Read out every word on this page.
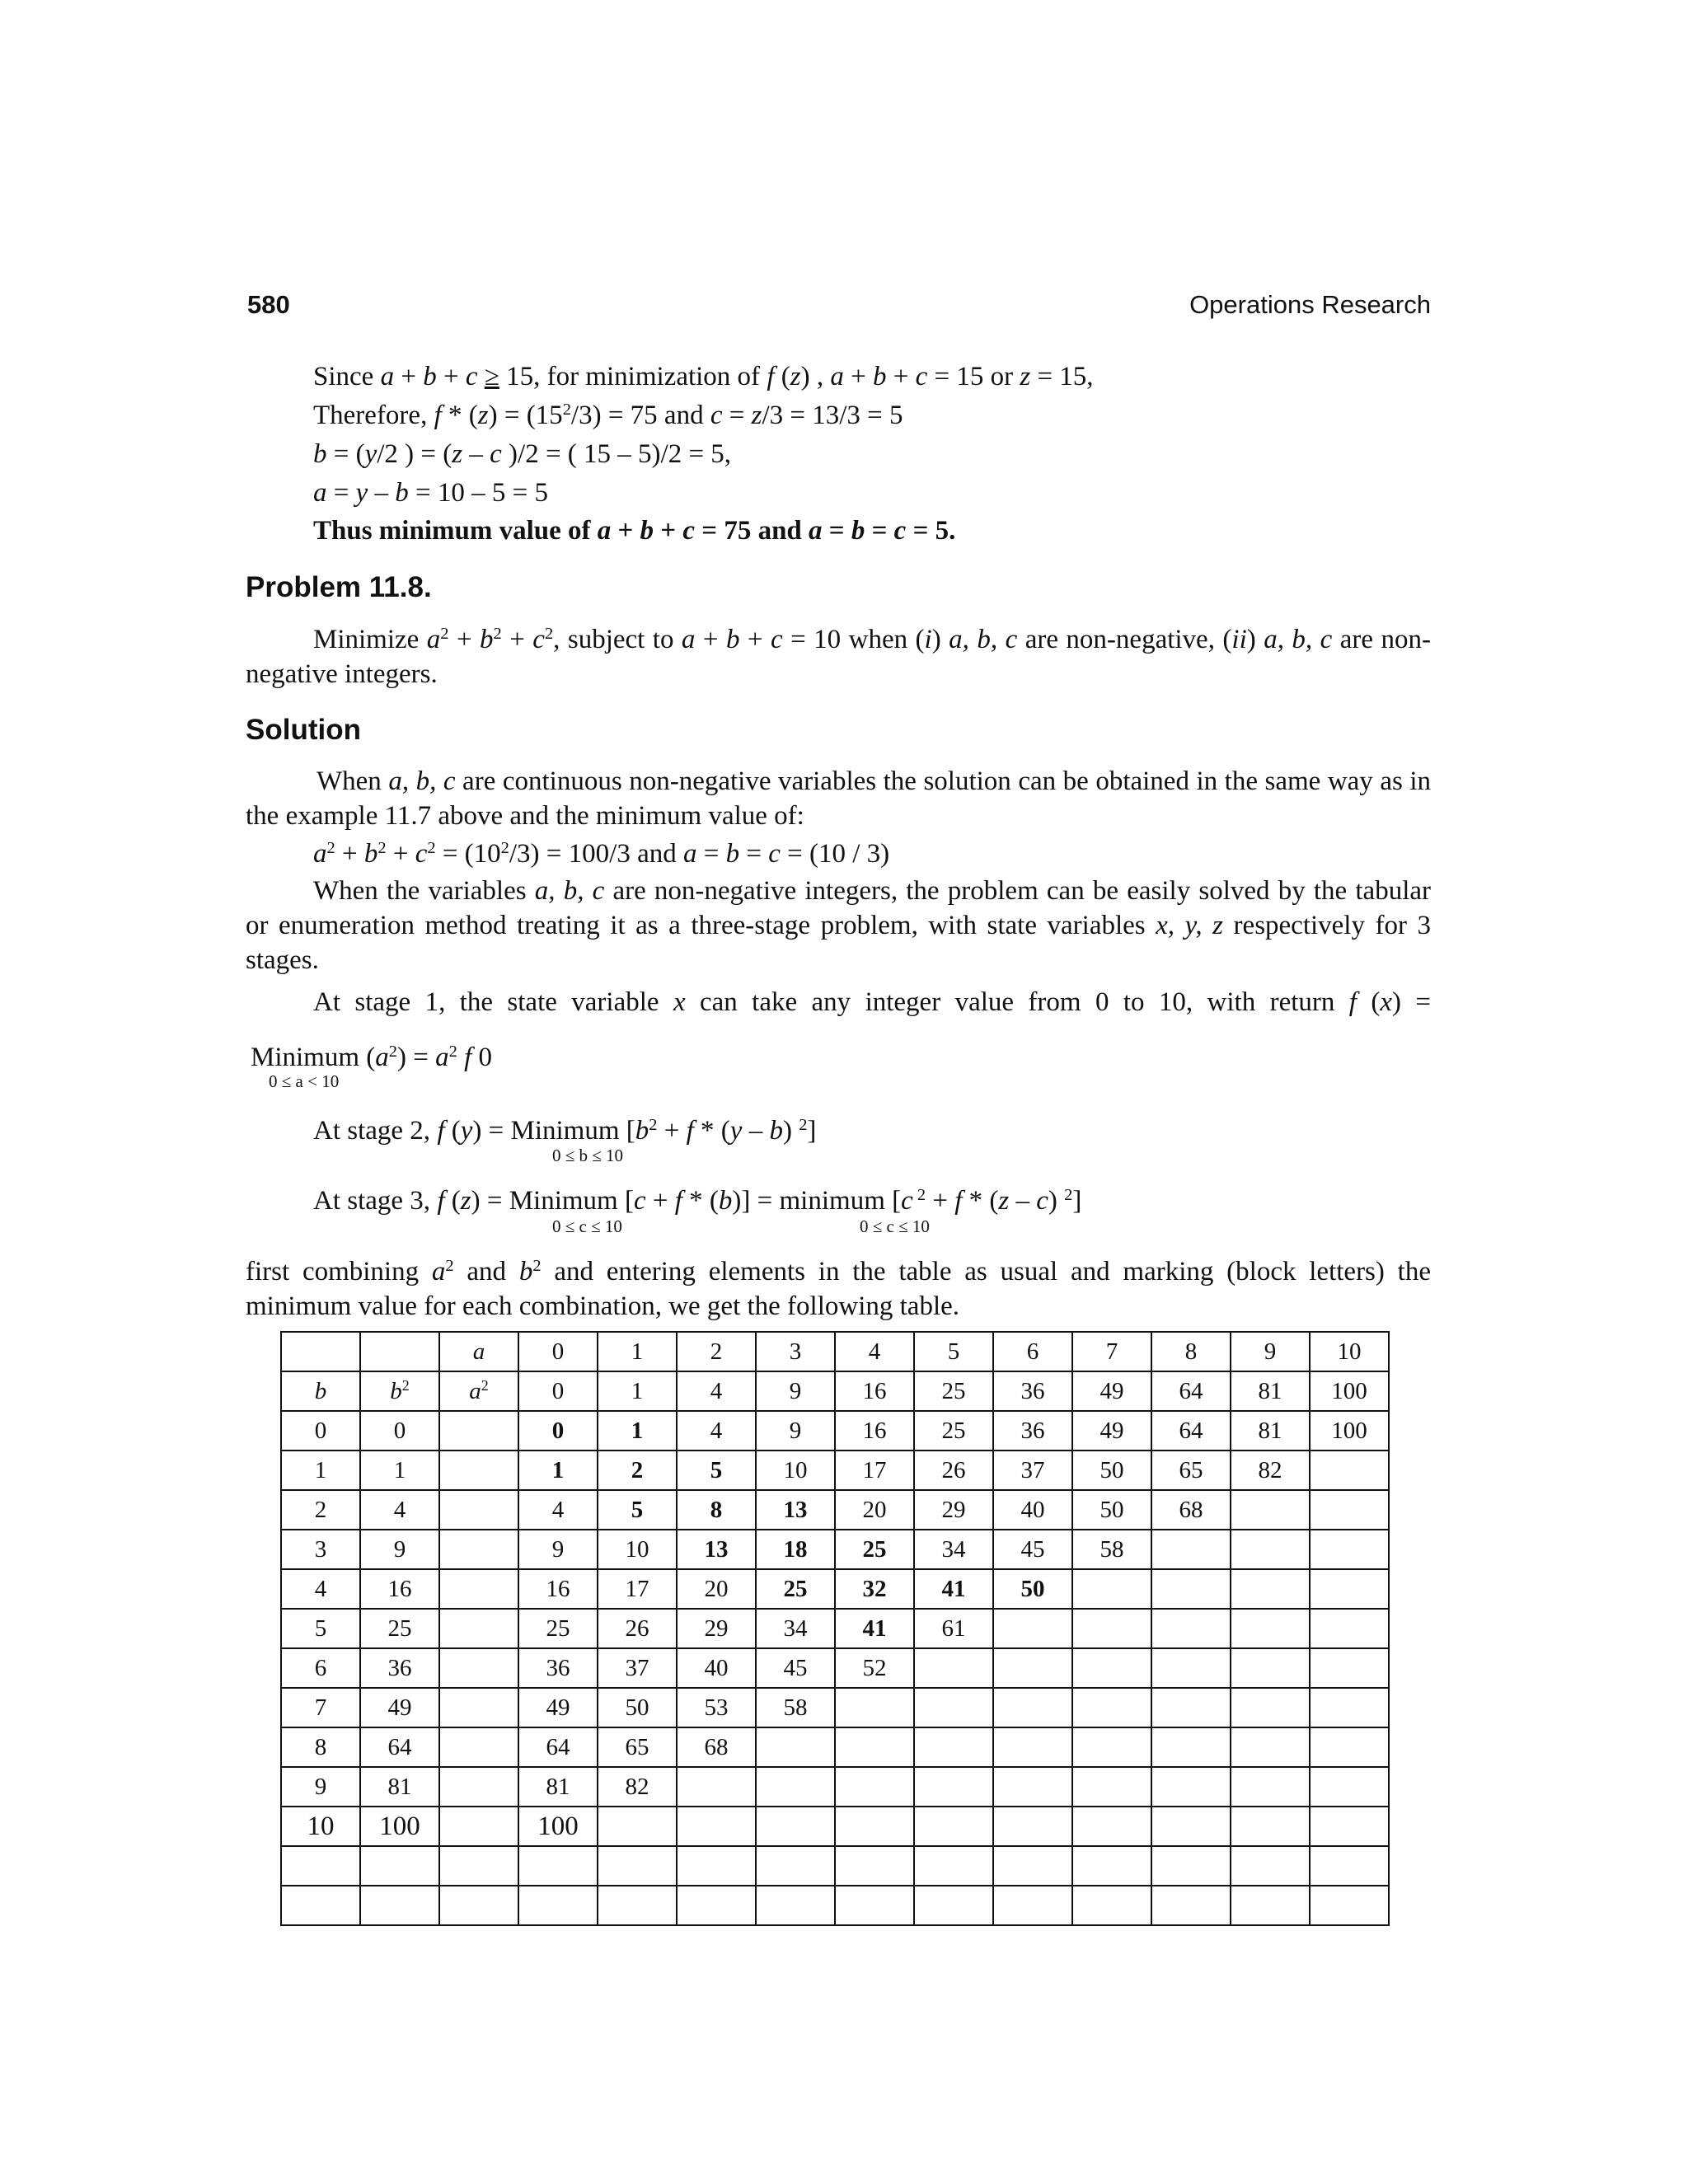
580	Operations Research
Since a + b + c ≥ 15, for minimization of f (z) , a + b + c = 15 or z = 15,
Therefore, $f * (z) = (15^2/3) = 75$ and c = z/3 = 13/3 = 5
b = (y/2 ) = (z – c )/2 = ( 15 – 5)/2 = 5,
a = y – b = 10 – 5 = 5
Thus minimum value of a + b + c = 75 and a = b = c = 5.
Problem 11.8.
Minimize $a^2 + b^2 + c^2$, subject to a + b + c = 10 when (i) a, b, c are non-negative, (ii) a, b, c are non-negative integers.
Solution
When a, b, c are continuous non-negative variables the solution can be obtained in the same way as in the example 11.7 above and the minimum value of:
$a^2 + b^2 + c^2 = (10^2/3) = 100/3$ and a = b = c = (10 / 3)
When the variables a, b, c are non-negative integers, the problem can be easily solved by the tabular or enumeration method treating it as a three-stage problem, with state variables x, y, z respectively for 3 stages.
At stage 1, the state variable x can take any integer value from 0 to 10, with return f (x) =
Minimum $(a^2) = a^2$ f 0
0 ≤ a < 10
At stage 2, f (y) = Minimum [$b^2 + f * (y - b)$ $^2$]
0 ≤ b ≤ 10
At stage 3, f (z) = Minimum [c + f * (b)] = minimum [c $^2$ + f * (z – c) $^2$]
0 ≤ c ≤ 10	0 ≤ c ≤ 10
first combining $a^2$ and $b^2$ and entering elements in the table as usual and marking (block letters) the minimum value for each combination, we get the following table.
		a	0	1	2	3	4	5	6	7	8	9	10
b	$b^2$	$a^2$	0	1	4	9	16	25	36	49	64	81	100
0	0		0	1	4	9	16	25	36	49	64	81	100
1	1		1	2	5	10	17	26	37	50	65	82	
2	4		4	5	8	13	20	29	40	50	68		
3	9		9	10	13	18	25	34	45	58			
4	16		16	17	20	25	32	41	50				
5	25		25	26	29	34	41	61					
6	36		36	37	40	45	52						
7	49		49	50	53	58							
8	64		64	65	68								
9	81		81	82									
10	100		100										
